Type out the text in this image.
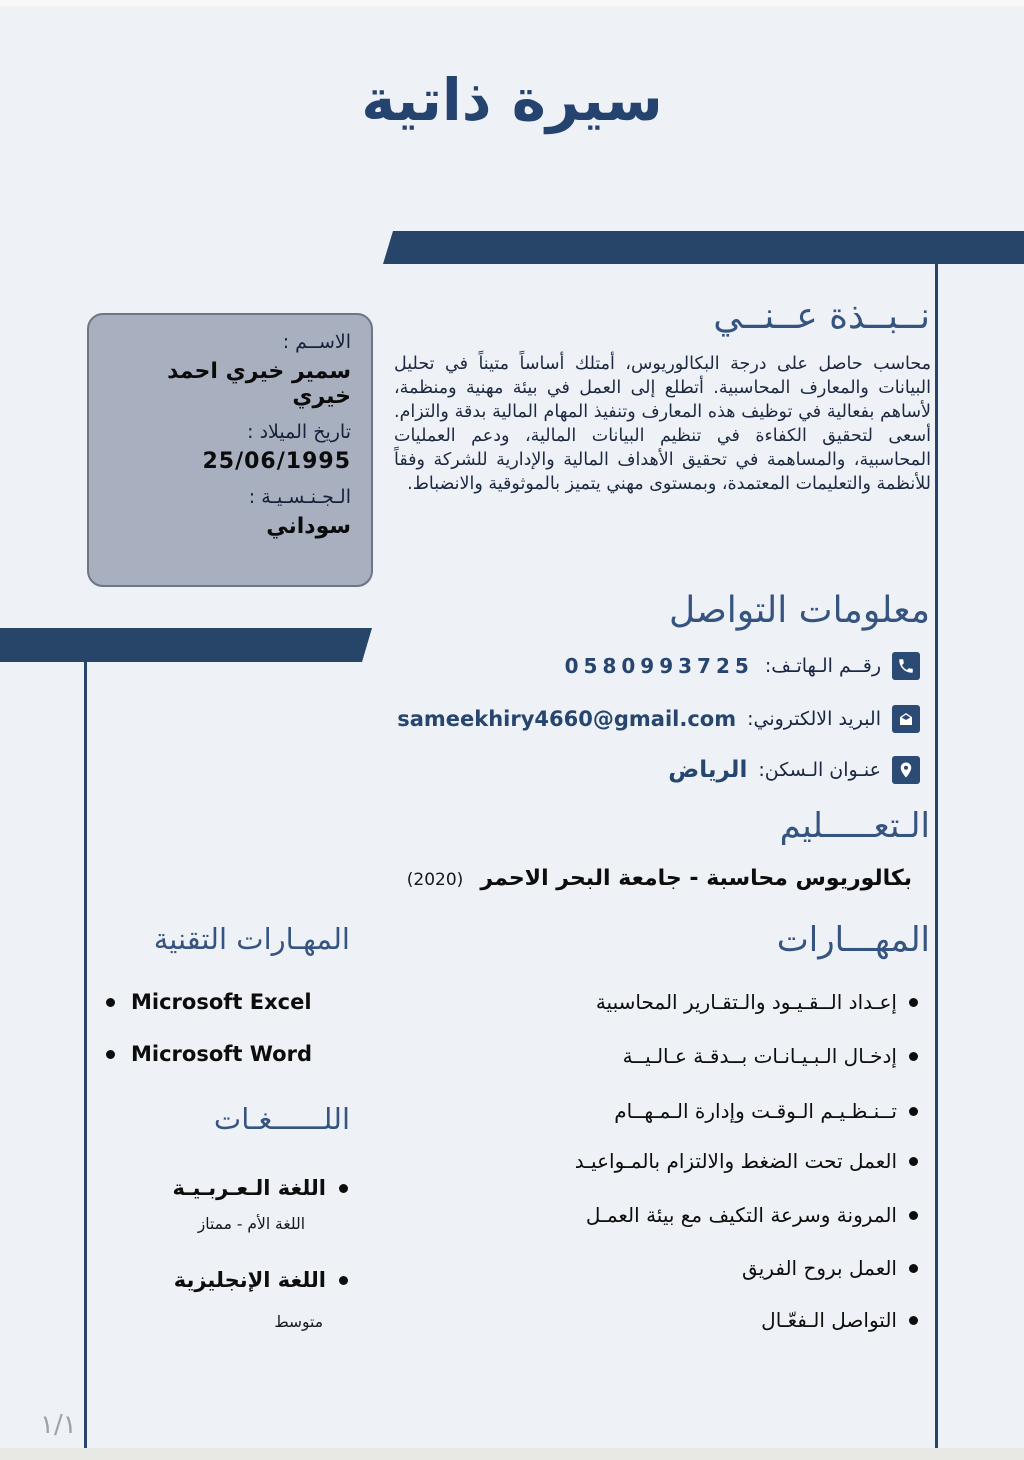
سيرة ذاتية
الاســم :
سمير خيري احمد خيري
تاريخ الميلاد :
25/06/1995
الـجـنـسـيـة :
سوداني
نــبــذة عــنــي
محاسب حاصل على درجة البكالوريوس، أمتلك أساساً متيناً في تحليل البيانات والمعارف المحاسبية. أتطلع إلى العمل في بيئة مهنية ومنظمة، لأساهم بفعالية في توظيف هذه المعارف وتنفيذ المهام المالية بدقة والتزام. أسعى لتحقيق الكفاءة في تنظيم البيانات المالية، ودعم العمليات المحاسبية، والمساهمة في تحقيق الأهداف المالية والإدارية للشركة وفقاً للأنظمة والتعليمات المعتمدة، وبمستوى مهني يتميز بالموثوقية والانضباط.
معلومات التواصل
رقــم الـهاتـف:
0580993725
البريد الالكتروني:
sameekhiry4660@gmail.com
عنـوان الـسكن:
الرياض
الـتعـــــليم
بكالوريوس محاسبة - جامعة البحر الاحمر (2020)
المهـــارات
إعـداد الــقـيـود والـتقـارير المحاسبية
إدخـال الـبـيـانـات بــدقـة عـالـيــة
تــنـظـيـم الـوقـت وإدارة الـمـهــام
العمل تحت الضغط والالتزام بالمـواعيـد
المرونة وسرعة التكيف مع بيئة العمـل
العمل بروح الفريق
التواصل الـفعّـال
المهـارات التقنية
Microsoft Excel
Microsoft Word
اللــــــغـات
اللغة الـعـربـيـة
اللغة الأم - ممتاز
اللغة الإنجليزية
متوسط
١/١
